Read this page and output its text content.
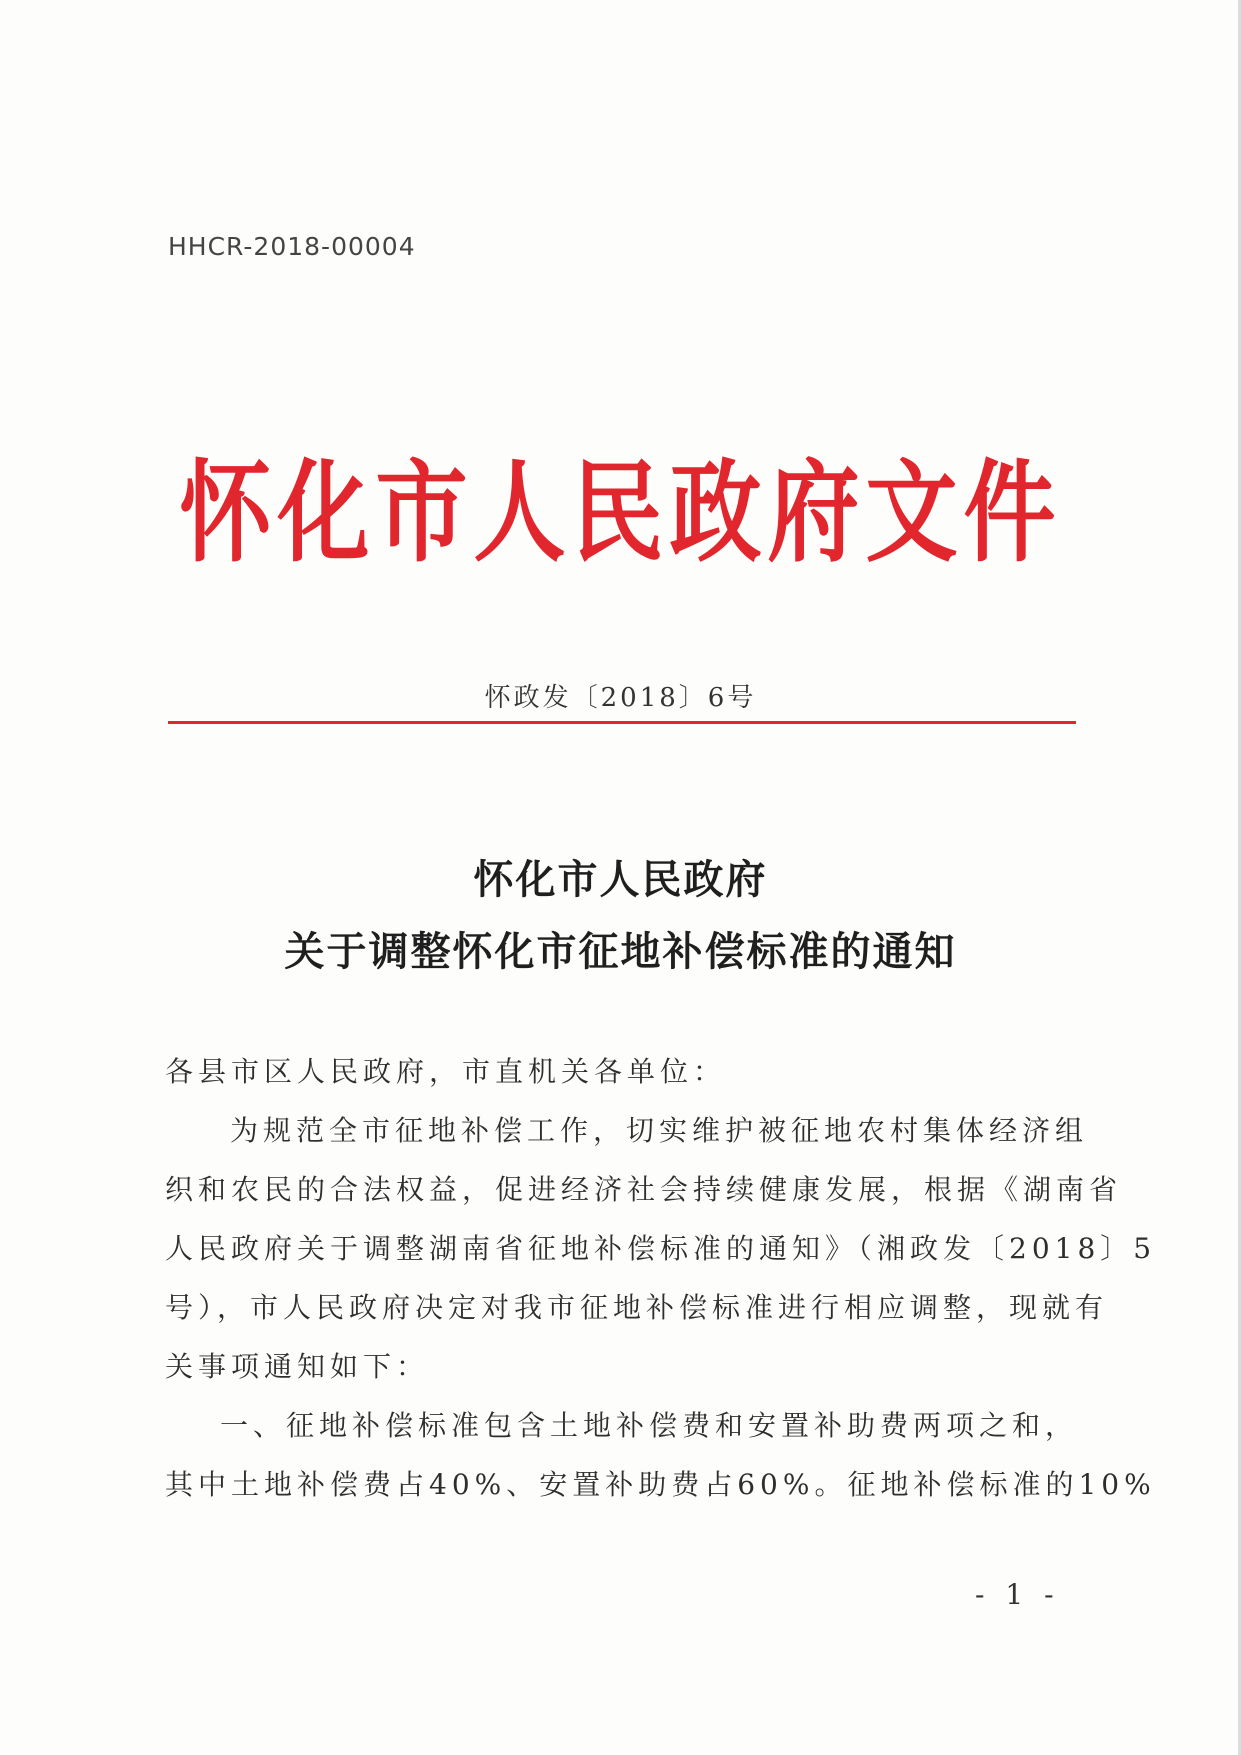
HHCR-2018-00004
怀化市人民政府文件
怀政发〔2018〕6号
怀化市人民政府
关于调整怀化市征地补偿标准的通知
各县市区人民政府，市直机关各单位：
为规范全市征地补偿工作，切实维护被征地农村集体经济组
织和农民的合法权益，促进经济社会持续健康发展，根据《湖南省
人民政府关于调整湖南省征地补偿标准的通知》（湘政发〔2018〕5
号），市人民政府决定对我市征地补偿标准进行相应调整，现就有
关事项通知如下：
一、征地补偿标准包含土地补偿费和安置补助费两项之和，
其中土地补偿费占40%、安置补助费占60%。征地补偿标准的10%
- 1 -
